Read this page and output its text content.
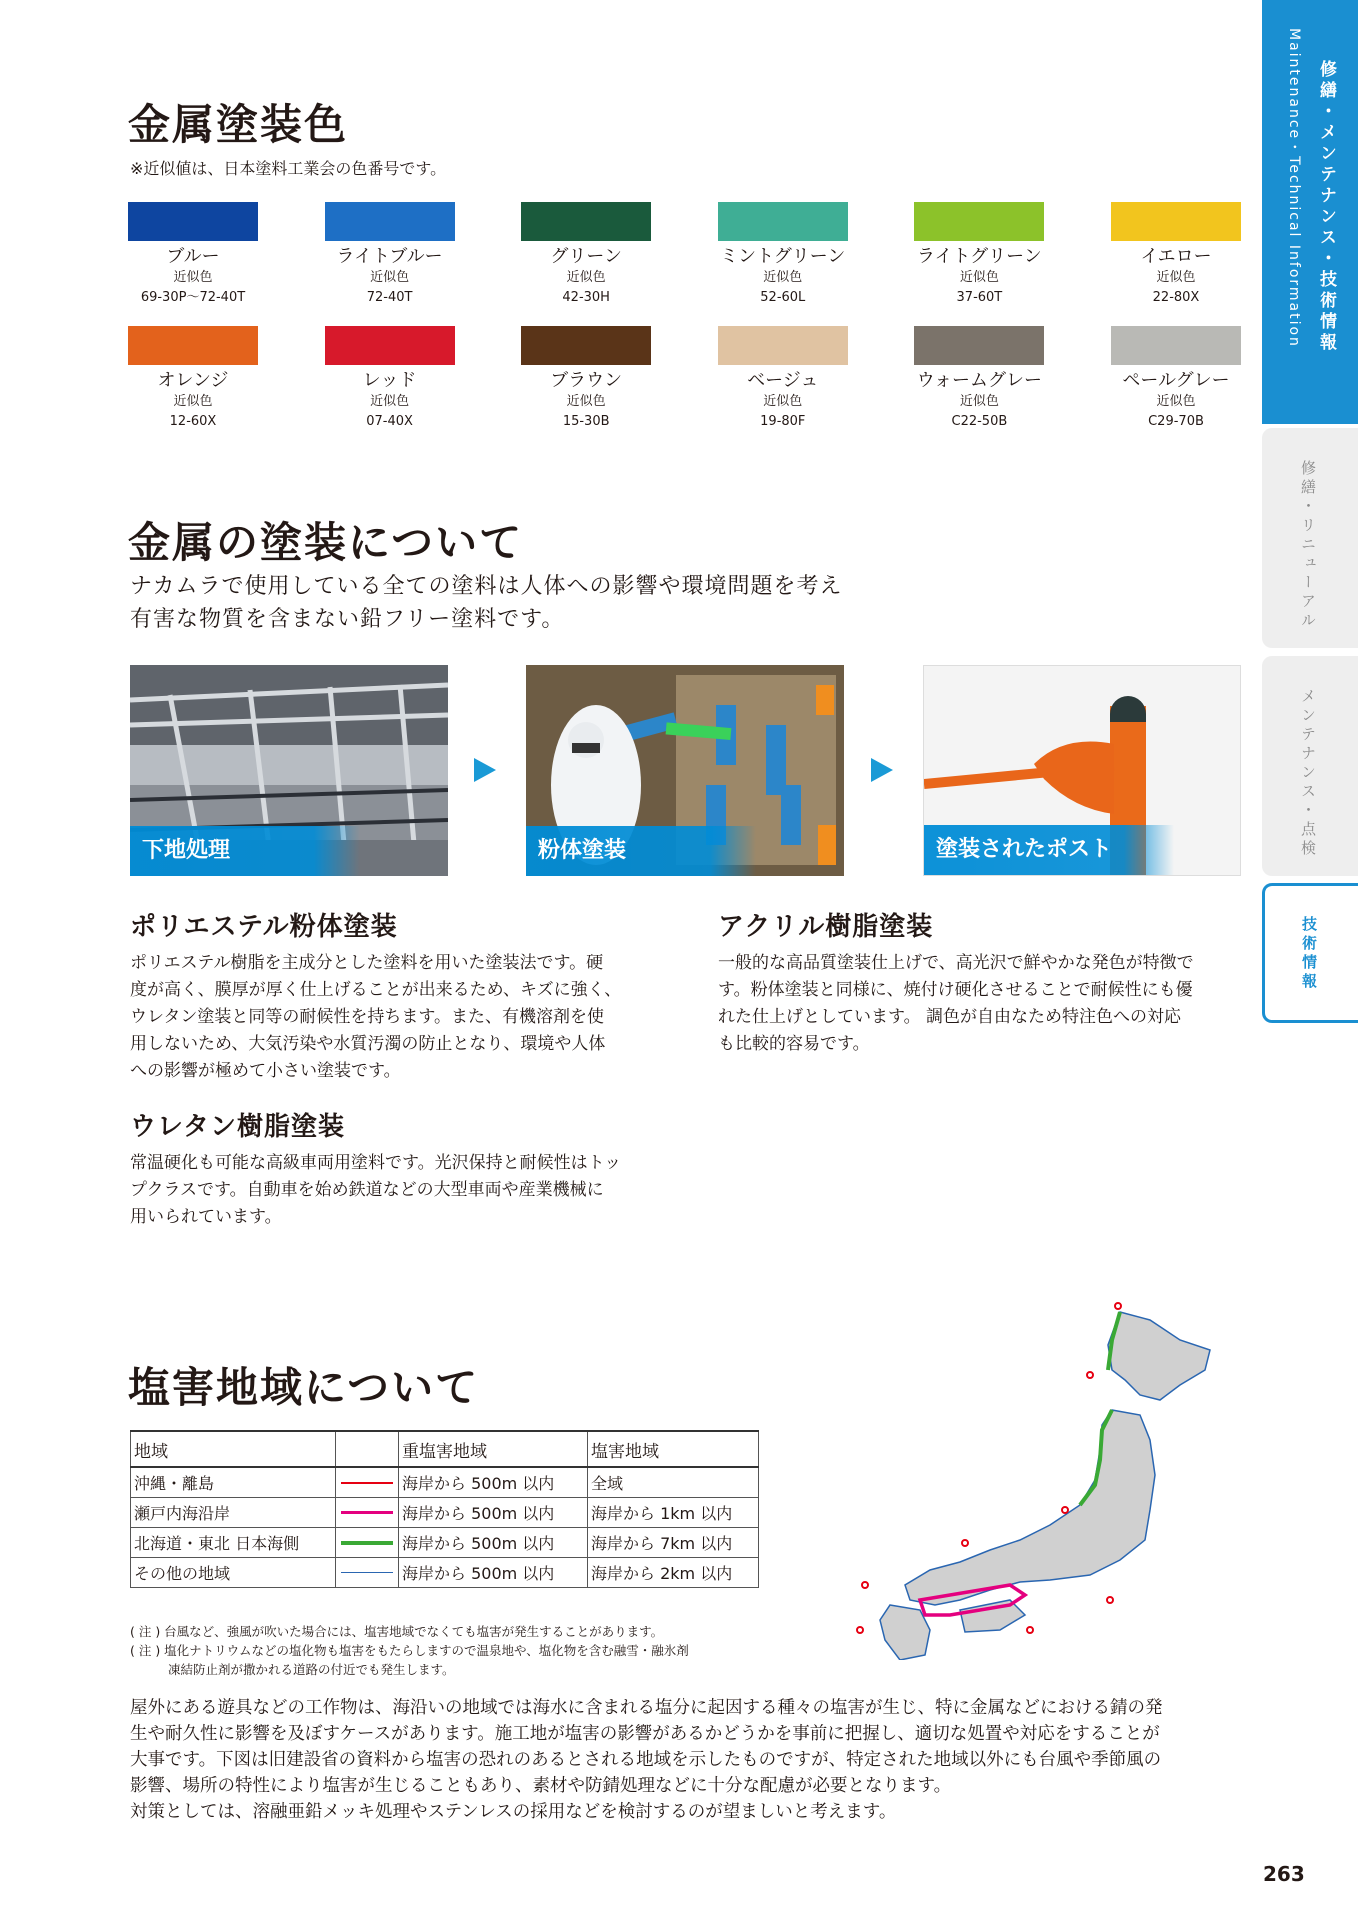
修繕・メンテナンス・技術情報
Maintenance・Technical Information
修繕・リニューアル
メンテナンス・点検
技術情報
金属塗装色
※近似値は、日本塗料工業会の色番号です。
ブルー
近似色
69-30P～72-40T
ライトブルー
近似色
72-40T
グリーン
近似色
42-30H
ミントグリーン
近似色
52-60L
ライトグリーン
近似色
37-60T
イエロー
近似色
22-80X
オレンジ
近似色
12-60X
レッド
近似色
07-40X
ブラウン
近似色
15-30B
ベージュ
近似色
19-80F
ウォームグレー
近似色
C22-50B
ペールグレー
近似色
C29-70B
金属の塗装について
ナカムラで使用している全ての塗料は人体への影響や環境問題を考え
有害な物質を含まない鉛フリー塗料です。
下地処理	粉体塗装	塗装されたポスト
ポリエステル粉体塗装
ポリエステル樹脂を主成分とした塗料を用いた塗装法です。硬
度が高く、膜厚が厚く仕上げることが出来るため、キズに強く、
ウレタン塗装と同等の耐候性を持ちます。また、有機溶剤を使
用しないため、大気汚染や水質汚濁の防止となり、環境や人体
への影響が極めて小さい塗装です。
ウレタン樹脂塗装
常温硬化も可能な高級車両用塗料です。光沢保持と耐候性はトッ
プクラスです。自動車を始め鉄道などの大型車両や産業機械に
用いられています。
アクリル樹脂塗装
一般的な高品質塗装仕上げで、高光沢で鮮やかな発色が特徴で
す。粉体塗装と同様に、焼付け硬化させることで耐候性にも優
れた仕上げとしています。 調色が自由なため特注色への対応
も比較的容易です。
塩害地域について
地域		重塩害地域	塩害地域
沖縄・離島		海岸から 500m 以内	全域
瀬戸内海沿岸		海岸から 500m 以内	海岸から 1km 以内
北海道・東北 日本海側		海岸から 500m 以内	海岸から 7km 以内
その他の地域		海岸から 500m 以内	海岸から 2km 以内
( 注 ) 台風など、強風が吹いた場合には、塩害地域でなくても塩害が発生することがあります。
( 注 ) 塩化ナトリウムなどの塩化物も塩害をもたらしますので温泉地や、塩化物を含む融雪・融氷剤
凍結防止剤が撒かれる道路の付近でも発生します。
屋外にある遊具などの工作物は、海沿いの地域では海水に含まれる塩分に起因する種々の塩害が生じ、特に金属などにおける錆の発
生や耐久性に影響を及ぼすケースがあります。施工地が塩害の影響があるかどうかを事前に把握し、適切な処置や対応をすることが
大事です。下図は旧建設省の資料から塩害の恐れのあるとされる地域を示したものですが、特定された地域以外にも台風や季節風の
影響、場所の特性により塩害が生じることもあり、素材や防錆処理などに十分な配慮が必要となります。
対策としては、溶融亜鉛メッキ処理やステンレスの採用などを検討するのが望ましいと考えます。
263
